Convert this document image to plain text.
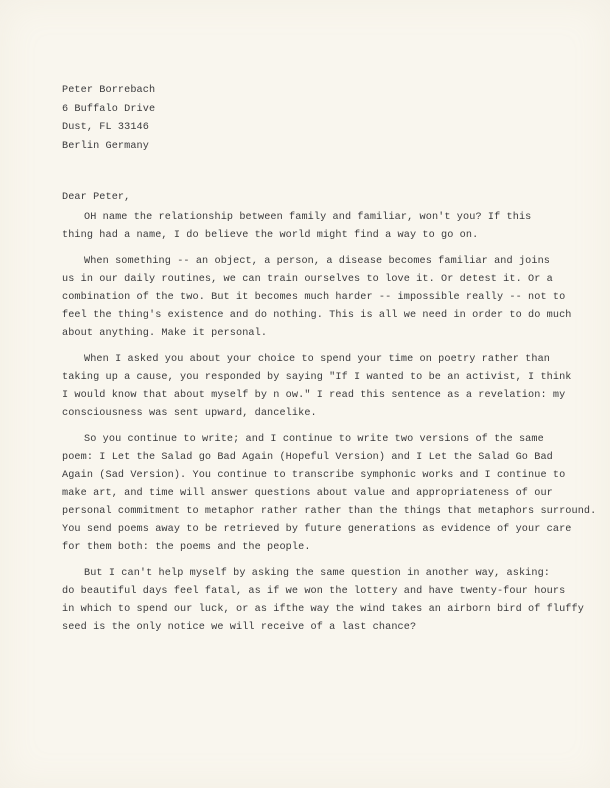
Peter Borrebach
6 Buffalo Drive
Dust, FL 33146
Berlin Germany
Dear Peter,
OH name the relationship between family and familiar, won't you? If this
thing had a name, I do believe the world might find a way to go on.
When something -- an object, a person, a disease becomes familiar and joins
us in our daily routines, we can train ourselves to love it. Or detest it. Or a
combination of the two. But it becomes much harder -- impossible really -- not to
feel the thing's existence and do nothing. This is all we need in order to do much
about anything. Make it personal.
When I asked you about your choice to spend your time on poetry rather than
taking up a cause, you responded by saying "If I wanted to be an activist, I think
I would know that about myself by n ow." I read this sentence as a revelation: my
consciousness was sent upward, dancelike.
So you continue to write; and I continue to write two versions of the same
poem: I Let the Salad go Bad Again (Hopeful Version) and I Let the Salad Go Bad
Again (Sad Version). You continue to transcribe symphonic works and I continue to
make art, and time will answer questions about value and appropriateness of our
personal commitment to metaphor rather rather than the things that metaphors surround.
You send poems away to be retrieved by future generations as evidence of your care
for them both: the poems and the people.
But I can't help myself by asking the same question in another way, asking:
do beautiful days feel fatal, as if we won the lottery and have twenty-four hours
in which to spend our luck, or as ifthe way the wind takes an airborn bird of fluffy
seed is the only notice we will receive of a last chance?
